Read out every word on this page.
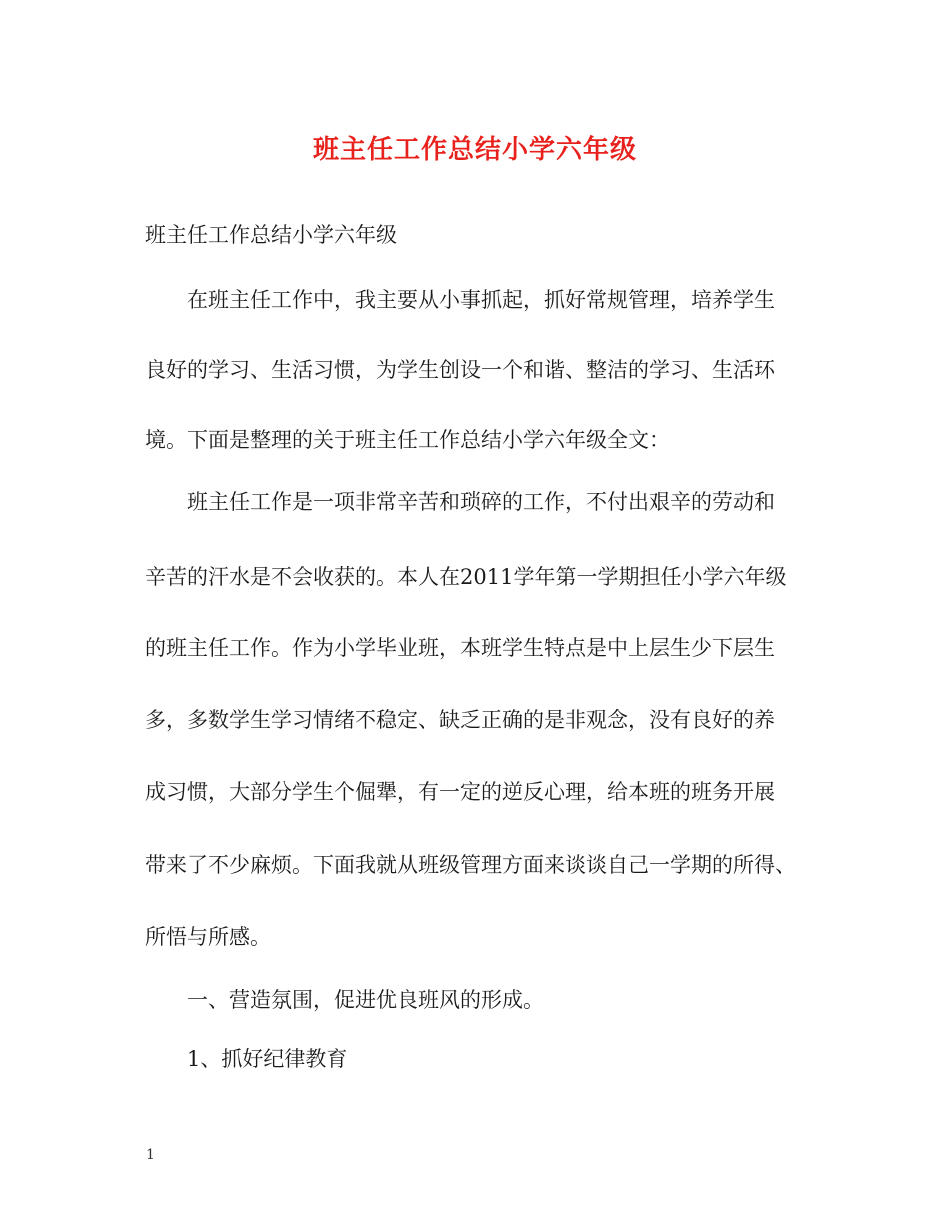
班主任工作总结小学六年级
班主任工作总结小学六年级
在班主任工作中，我主要从小事抓起，抓好常规管理，培养学生
良好的学习、生活习惯，为学生创设一个和谐、整洁的学习、生活环
境。下面是整理的关于班主任工作总结小学六年级全文：
班主任工作是一项非常辛苦和琐碎的工作，不付出艰辛的劳动和
辛苦的汗水是不会收获的。本人在2011学年第一学期担任小学六年级
的班主任工作。作为小学毕业班，本班学生特点是中上层生少下层生
多，多数学生学习情绪不稳定、缺乏正确的是非观念，没有良好的养
成习惯，大部分学生个倔犟，有一定的逆反心理，给本班的班务开展
带来了不少麻烦。下面我就从班级管理方面来谈谈自己一学期的所得、
所悟与所感。
一、营造氛围，促进优良班风的形成。
1、抓好纪律教育
1
